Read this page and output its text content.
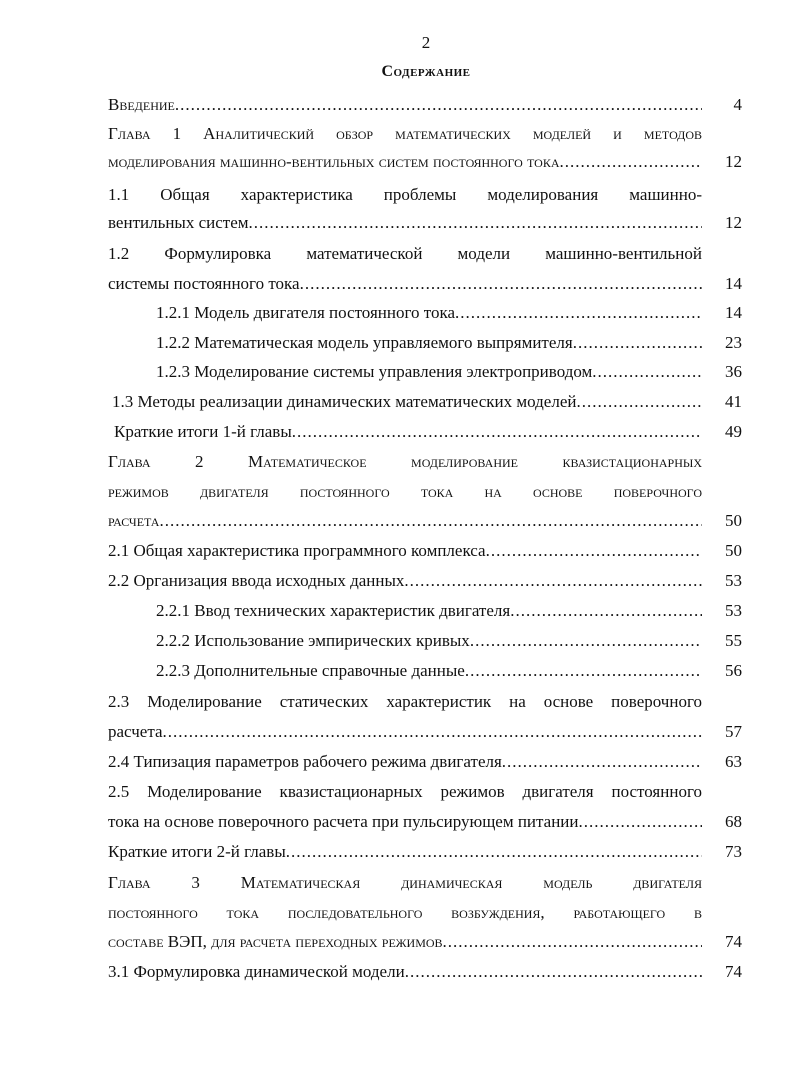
2
Содержание
Введение .....	4
Глава 1 Аналитический обзор математических моделей и методов
моделирования машинно-вентильных систем постоянного тока .....	12
1.1 Общая характеристика проблемы моделирования машинно-
вентильных систем .....	12
1.2 Формулировка математической модели машинно-вентильной
системы постоянного тока .....	14
1.2.1 Модель двигателя постоянного тока .....	14
1.2.2 Математическая модель управляемого выпрямителя .....	23
1.2.3 Моделирование системы управления электроприводом .....	36
1.3 Методы реализации динамических математических моделей .....	41
Краткие итоги 1-й главы .....	49
Глава 2 Математическое моделирование квазистационарных
режимов двигателя постоянного тока на основе поверочного
расчета .....	50
2.1 Общая характеристика программного комплекса .....	50
2.2 Организация ввода исходных данных .....	53
2.2.1 Ввод технических характеристик двигателя .....	53
2.2.2 Использование эмпирических кривых .....	55
2.2.3 Дополнительные справочные данные .....	56
2.3 Моделирование статических характеристик на основе поверочного
расчета .....	57
2.4 Типизация параметров рабочего режима двигателя .....	63
2.5 Моделирование квазистационарных режимов двигателя постоянного
тока на основе поверочного расчета при пульсирующем питании .....	68
Краткие итоги 2-й главы .....	73
Глава 3 Математическая динамическая модель двигателя
постоянного тока последовательного возбуждения, работающего в
составе ВЭП, для расчета переходных режимов .....	74
3.1 Формулировка динамической модели .....	74
